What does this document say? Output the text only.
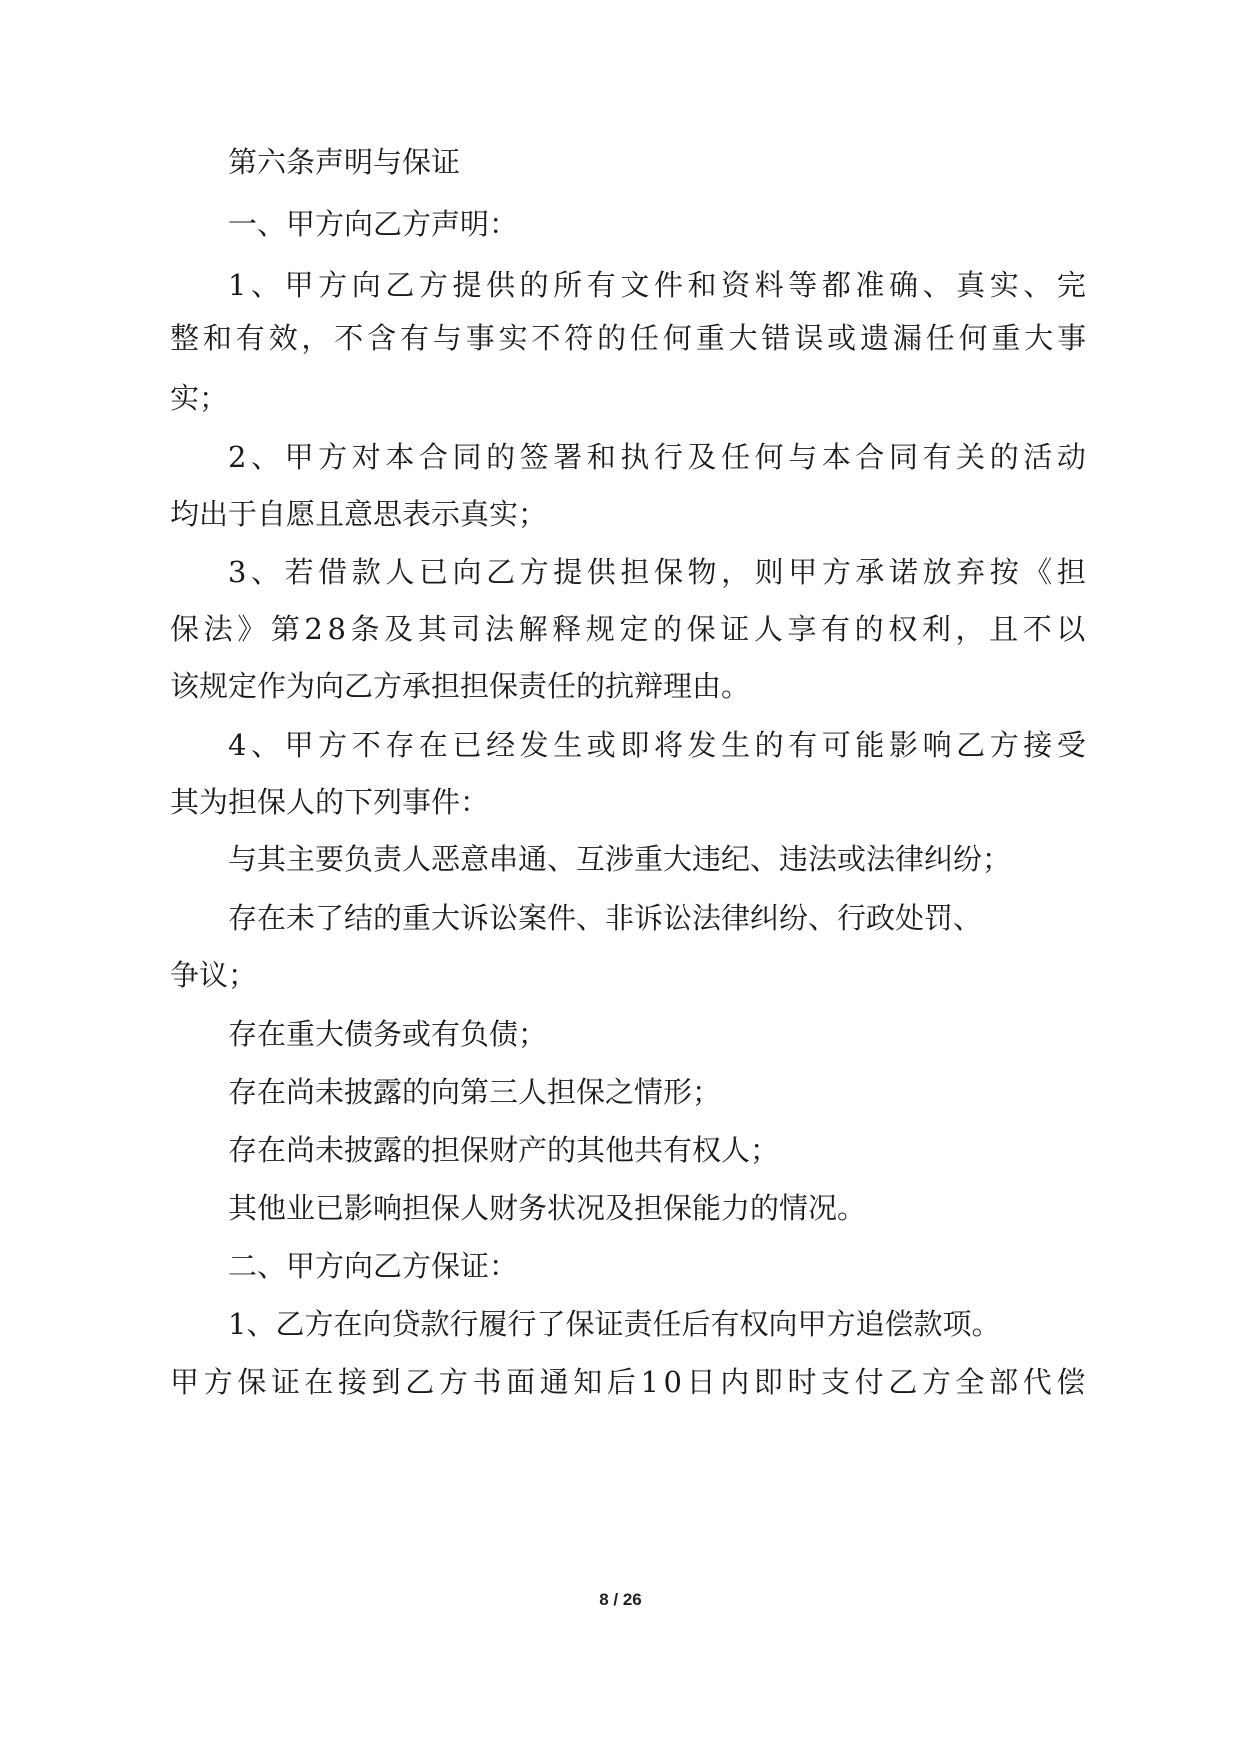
第六条声明与保证

一、甲方向乙方声明：

1、甲方向乙方提供的所有文件和资料等都准确、真实、完

整和有效，不含有与事实不符的任何重大错误或遗漏任何重大事

实；

2、甲方对本合同的签署和执行及任何与本合同有关的活动

均出于自愿且意思表示真实；

3、若借款人已向乙方提供担保物，则甲方承诺放弃按《担

保法》第28条及其司法解释规定的保证人享有的权利，且不以

该规定作为向乙方承担担保责任的抗辩理由。

4、甲方不存在已经发生或即将发生的有可能影响乙方接受

其为担保人的下列事件：

与其主要负责人恶意串通、互涉重大违纪、违法或法律纠纷；

存在未了结的重大诉讼案件、非诉讼法律纠纷、行政处罚、

争议；

存在重大债务或有负债；

存在尚未披露的向第三人担保之情形；

存在尚未披露的担保财产的其他共有权人；

其他业已影响担保人财务状况及担保能力的情况。

二、甲方向乙方保证：

1、乙方在向贷款行履行了保证责任后有权向甲方追偿款项。

甲方保证在接到乙方书面通知后10日内即时支付乙方全部代偿

8 / 26
